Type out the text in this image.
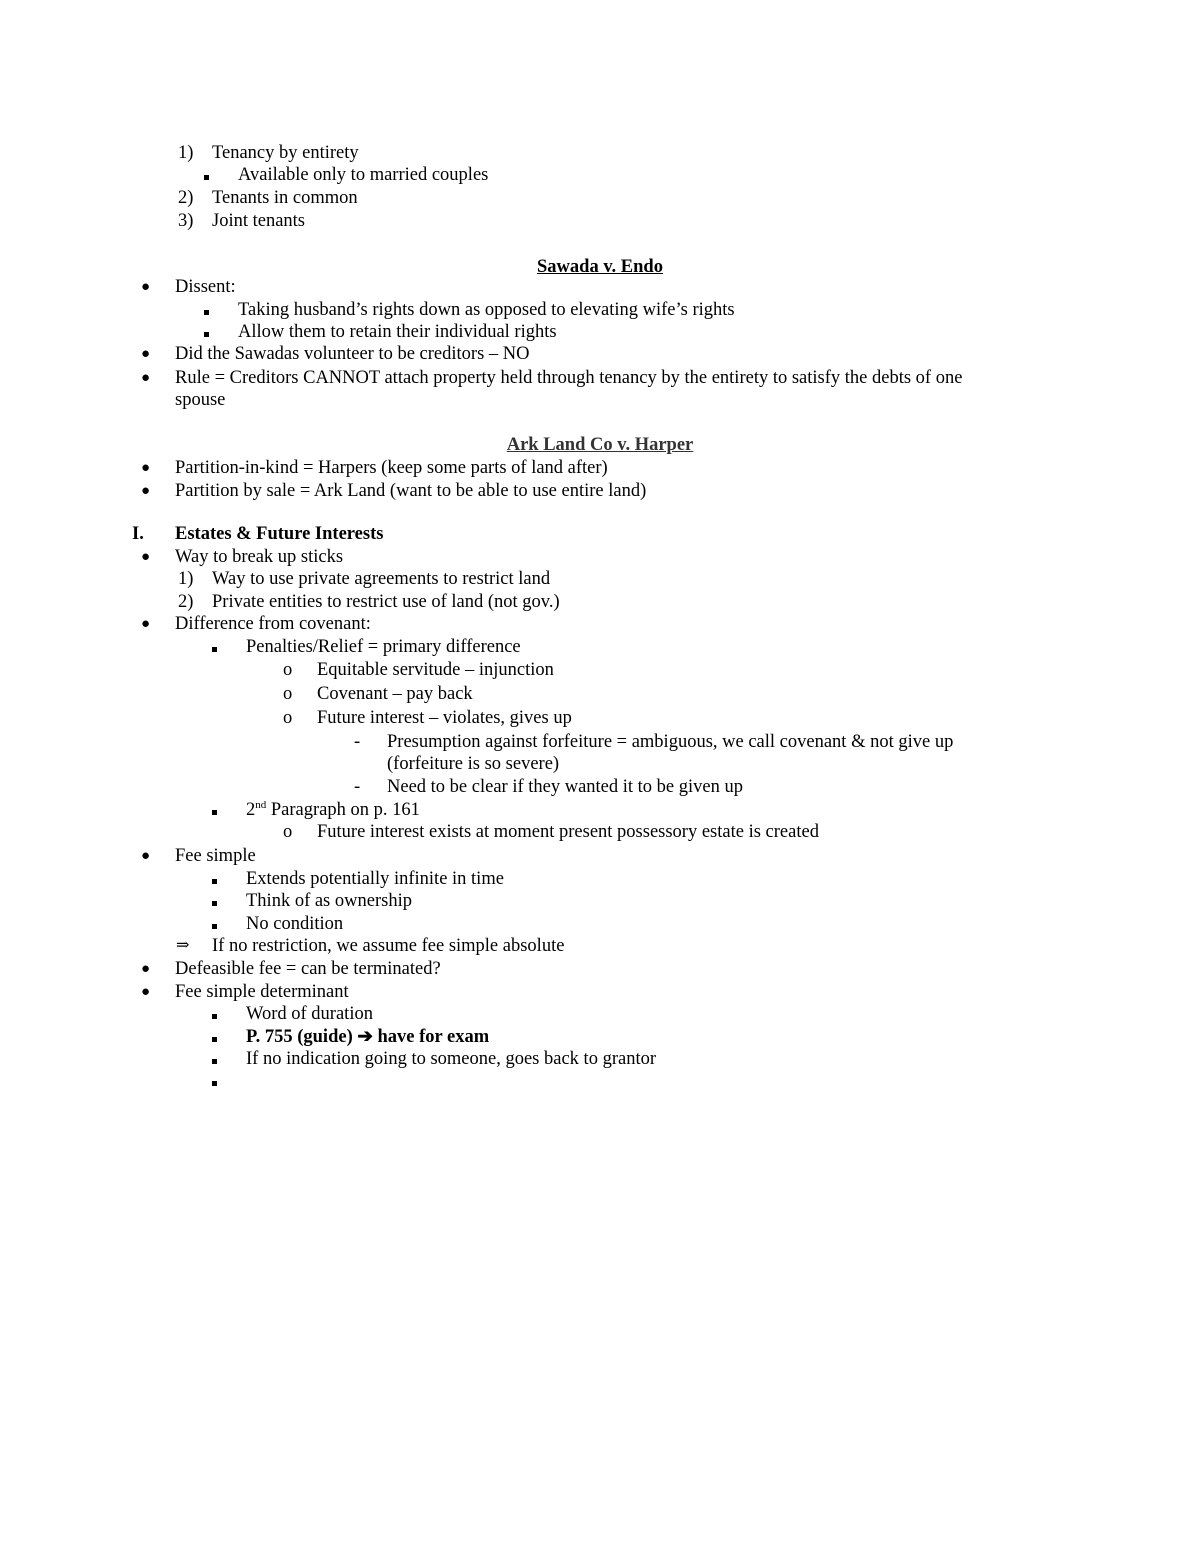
1) Tenancy by entirety
Available only to married couples
2) Tenants in common
3) Joint tenants
Sawada v. Endo
● Dissent:
Taking husband’s rights down as opposed to elevating wife’s rights
Allow them to retain their individual rights
● Did the Sawadas volunteer to be creditors – NO
● Rule = Creditors CANNOT attach property held through tenancy by the entirety to satisfy the debts of one
spouse
Ark Land Co v. Harper
● Partition-in-kind = Harpers (keep some parts of land after)
● Partition by sale = Ark Land (want to be able to use entire land)
I. Estates & Future Interests
● Way to break up sticks
1) Way to use private agreements to restrict land
2) Private entities to restrict use of land (not gov.)
● Difference from covenant:
Penalties/Relief = primary difference
o Equitable servitude – injunction
o Covenant – pay back
o Future interest – violates, gives up
- Presumption against forfeiture = ambiguous, we call covenant & not give up
(forfeiture is so severe)
- Need to be clear if they wanted it to be given up
2nd Paragraph on p. 161
o Future interest exists at moment present possessory estate is created
● Fee simple
Extends potentially infinite in time
Think of as ownership
No condition
⇒ If no restriction, we assume fee simple absolute
● Defeasible fee = can be terminated?
● Fee simple determinant
Word of duration
P. 755 (guide) ➔ have for exam
If no indication going to someone, goes back to grantor
